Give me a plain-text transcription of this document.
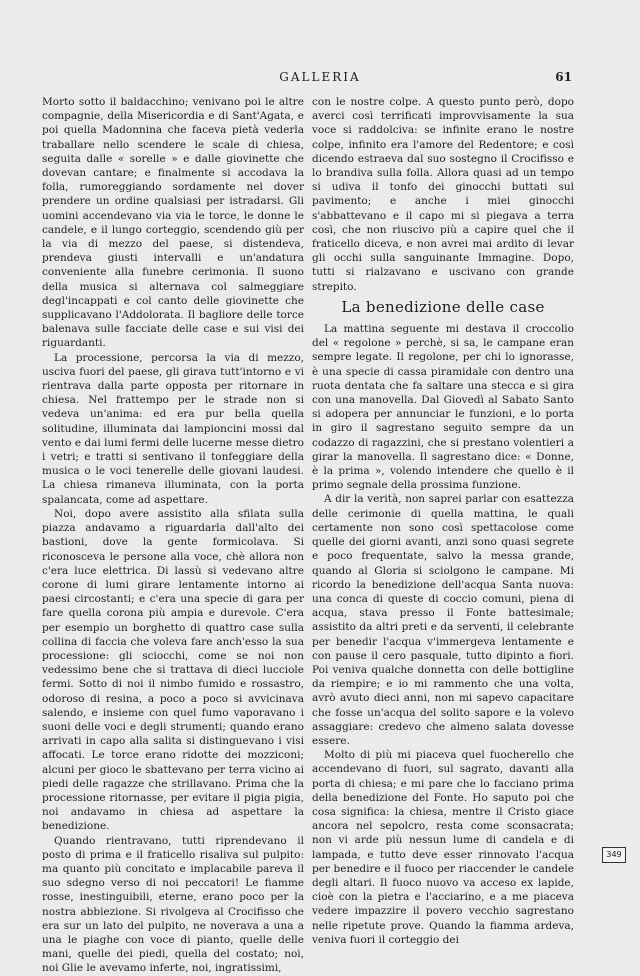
GALLERIA	61

Morto sotto il baldacchino; venivano poi le altre compagnie, della Misericordia e di Sant'Agata, e poi quella Madonnina che faceva pietà vederla traballare nello scendere le scale di chiesa, seguita dalle « sorelle » e dalle giovinette che dovevan cantare; e finalmente si accodava la folla, rumoreggiando sordamente nel dover prendere un ordine qualsiasi per istradarsi. Gli uomini accendevano via via le torce, le donne le candele, e il lungo corteggio, scendendo giù per la via di mezzo del paese, si distendeva, prendeva giusti intervalli e un'andatura conveniente alla funebre cerimonia. Il suono della musica si alternava col salmeggiare degl'incappati e col canto delle giovinette che supplicavano l'Addolorata. Il bagliore delle torce balenava sulle facciate delle case e sui visi dei riguardanti.

La processione, percorsa la via di mezzo, usciva fuori del paese, gli girava tutt'intorno e vi rientrava dalla parte opposta per ritornare in chiesa. Nel frattempo per le strade non si vedeva un'anima: ed era pur bella quella solitudine, illuminata dai lampioncini mossi dal vento e dai lumi fermi delle lucerne messe dietro i vetri; e tratti si sentivano il tonfeggiare della musica o le voci tenerelle delle giovani laudesi. La chiesa rimaneva illuminata, con la porta spalancata, come ad aspettare.

Noi, dopo avere assistito alla sfilata sulla piazza andavamo a riguardarla dall'alto dei bastioni, dove la gente formicolava. Si riconosceva le persone alla voce, chè allora non c'era luce elettrica. Di lassù si vedevano altre corone di lumi girare lentamente intorno ai paesi circostanti; e c'era una specie di gara per fare quella corona più ampia e durevole. C'era per esempio un borghetto di quattro case sulla collina di faccia che voleva fare anch'esso la sua processione: gli sciocchi, come se noi non vedessimo bene che si trattava di dieci lucciole fermi. Sotto di noi il nimbo fumido e rossastro, odoroso di resina, a poco a poco si avvicinava salendo, e insieme con quel fumo vaporavano i suoni delle voci e degli strumenti; quando erano arrivati in capo alla salita si distinguevano i visi affocati. Le torce erano ridotte dei mozziconi; alcuni per gioco le sbattevano per terra vicino ai piedi delle ragazze che strillavano. Prima che la processione ritornasse, per evitare il pigia pigia, noi andavamo in chiesa ad aspettare la benedizione.

Quando rientravano, tutti riprendevano il posto di prima e il fraticello risaliva sul pulpito: ma quanto più concitato e implacabile pareva il suo sdegno verso di noi peccatori! Le fiamme rosse, inestinguibili, eterne, erano poco per la nostra abbiezione. Si rivolgeva al Crocifisso che era sur un lato del pulpito, ne noverava a una a una le piaghe con voce di pianto, quelle delle mani, quelle dei piedi, quella del costato; noi, noi Glie le avevamo inferte, noi, ingratissimi,

con le nostre colpe. A questo punto però, dopo averci così terrificati improvvisamente la sua voce si raddolciva: se infinite erano le nostre colpe, infinito era l'amore del Redentore; e così dicendo estraeva dal suo sostegno il Crocifisso e lo brandiva sulla folla. Allora quasi ad un tempo si udiva il tonfo dei ginocchi buttati sul pavimento; e anche i miei ginocchi s'abbattevano e il capo mi si piegava a terra così, che non riuscivo più a capire quel che il fraticello diceva, e non avrei mai ardito di levar gli occhi sulla sanguinante Immagine. Dopo, tutti si rialzavano e uscivano con grande strepito.

La benedizione delle case

La mattina seguente mi destava il croccolio del « regolone » perchè, si sa, le campane eran sempre legate. Il regolone, per chi lo ignorasse, è una specie di cassa piramidale con dentro una ruota dentata che fa saltare una stecca e si gira con una manovella. Dal Giovedì al Sabato Santo si adopera per annunciar le funzioni, e lo porta in giro il sagrestano seguito sempre da un codazzo di ragazzini, che si prestano volentieri a girar la manovella. Il sagrestano dice: « Donne, è la prima », volendo intendere che quello è il primo segnale della prossima funzione.

A dir la verità, non saprei parlar con esattezza delle cerimonie di quella mattina, le quali certamente non sono così spettacolose come quelle dei giorni avanti, anzi sono quasi segrete e poco frequentate, salvo la messa grande, quando al Gloria si sciolgono le campane. Mi ricordo la benedizione dell'acqua Santa nuova: una conca di queste di coccio comuni, piena di acqua, stava presso il Fonte battesimale; assistito da altri preti e da serventi, il celebrante per benedir l'acqua v'immergeva lentamente e con pause il cero pasquale, tutto dipinto a fiori. Poi veniva qualche donnetta con delle bottigline da riempire; e io mi rammento che una volta, avrò avuto dieci anni, non mi sapevo capacitare che fosse un'acqua del solito sapore e la volevo assaggiare: credevo che almeno salata dovesse essere.

Molto di più mi piaceva quel fuocherello che accendevano di fuori, sul sagrato, davanti alla porta di chiesa; e mi pare che lo facciano prima della benedizione del Fonte. Ho saputo poi che cosa significa: la chiesa, mentre il Cristo giace ancora nel sepolcro, resta come sconsacrata; non vi arde più nessun lume di candela e di lampada, e tutto deve esser rinnovato l'acqua per benedire e il fuoco per riaccender le candele degli altari. Il fuoco nuovo va acceso ex lapide, cioè con la pietra e l'acciarino, e a me piaceva vedere impazzire il povero vecchio sagrestano nelle ripetute prove. Quando la fiamma ardeva, veniva fuori il corteggio dei

349
